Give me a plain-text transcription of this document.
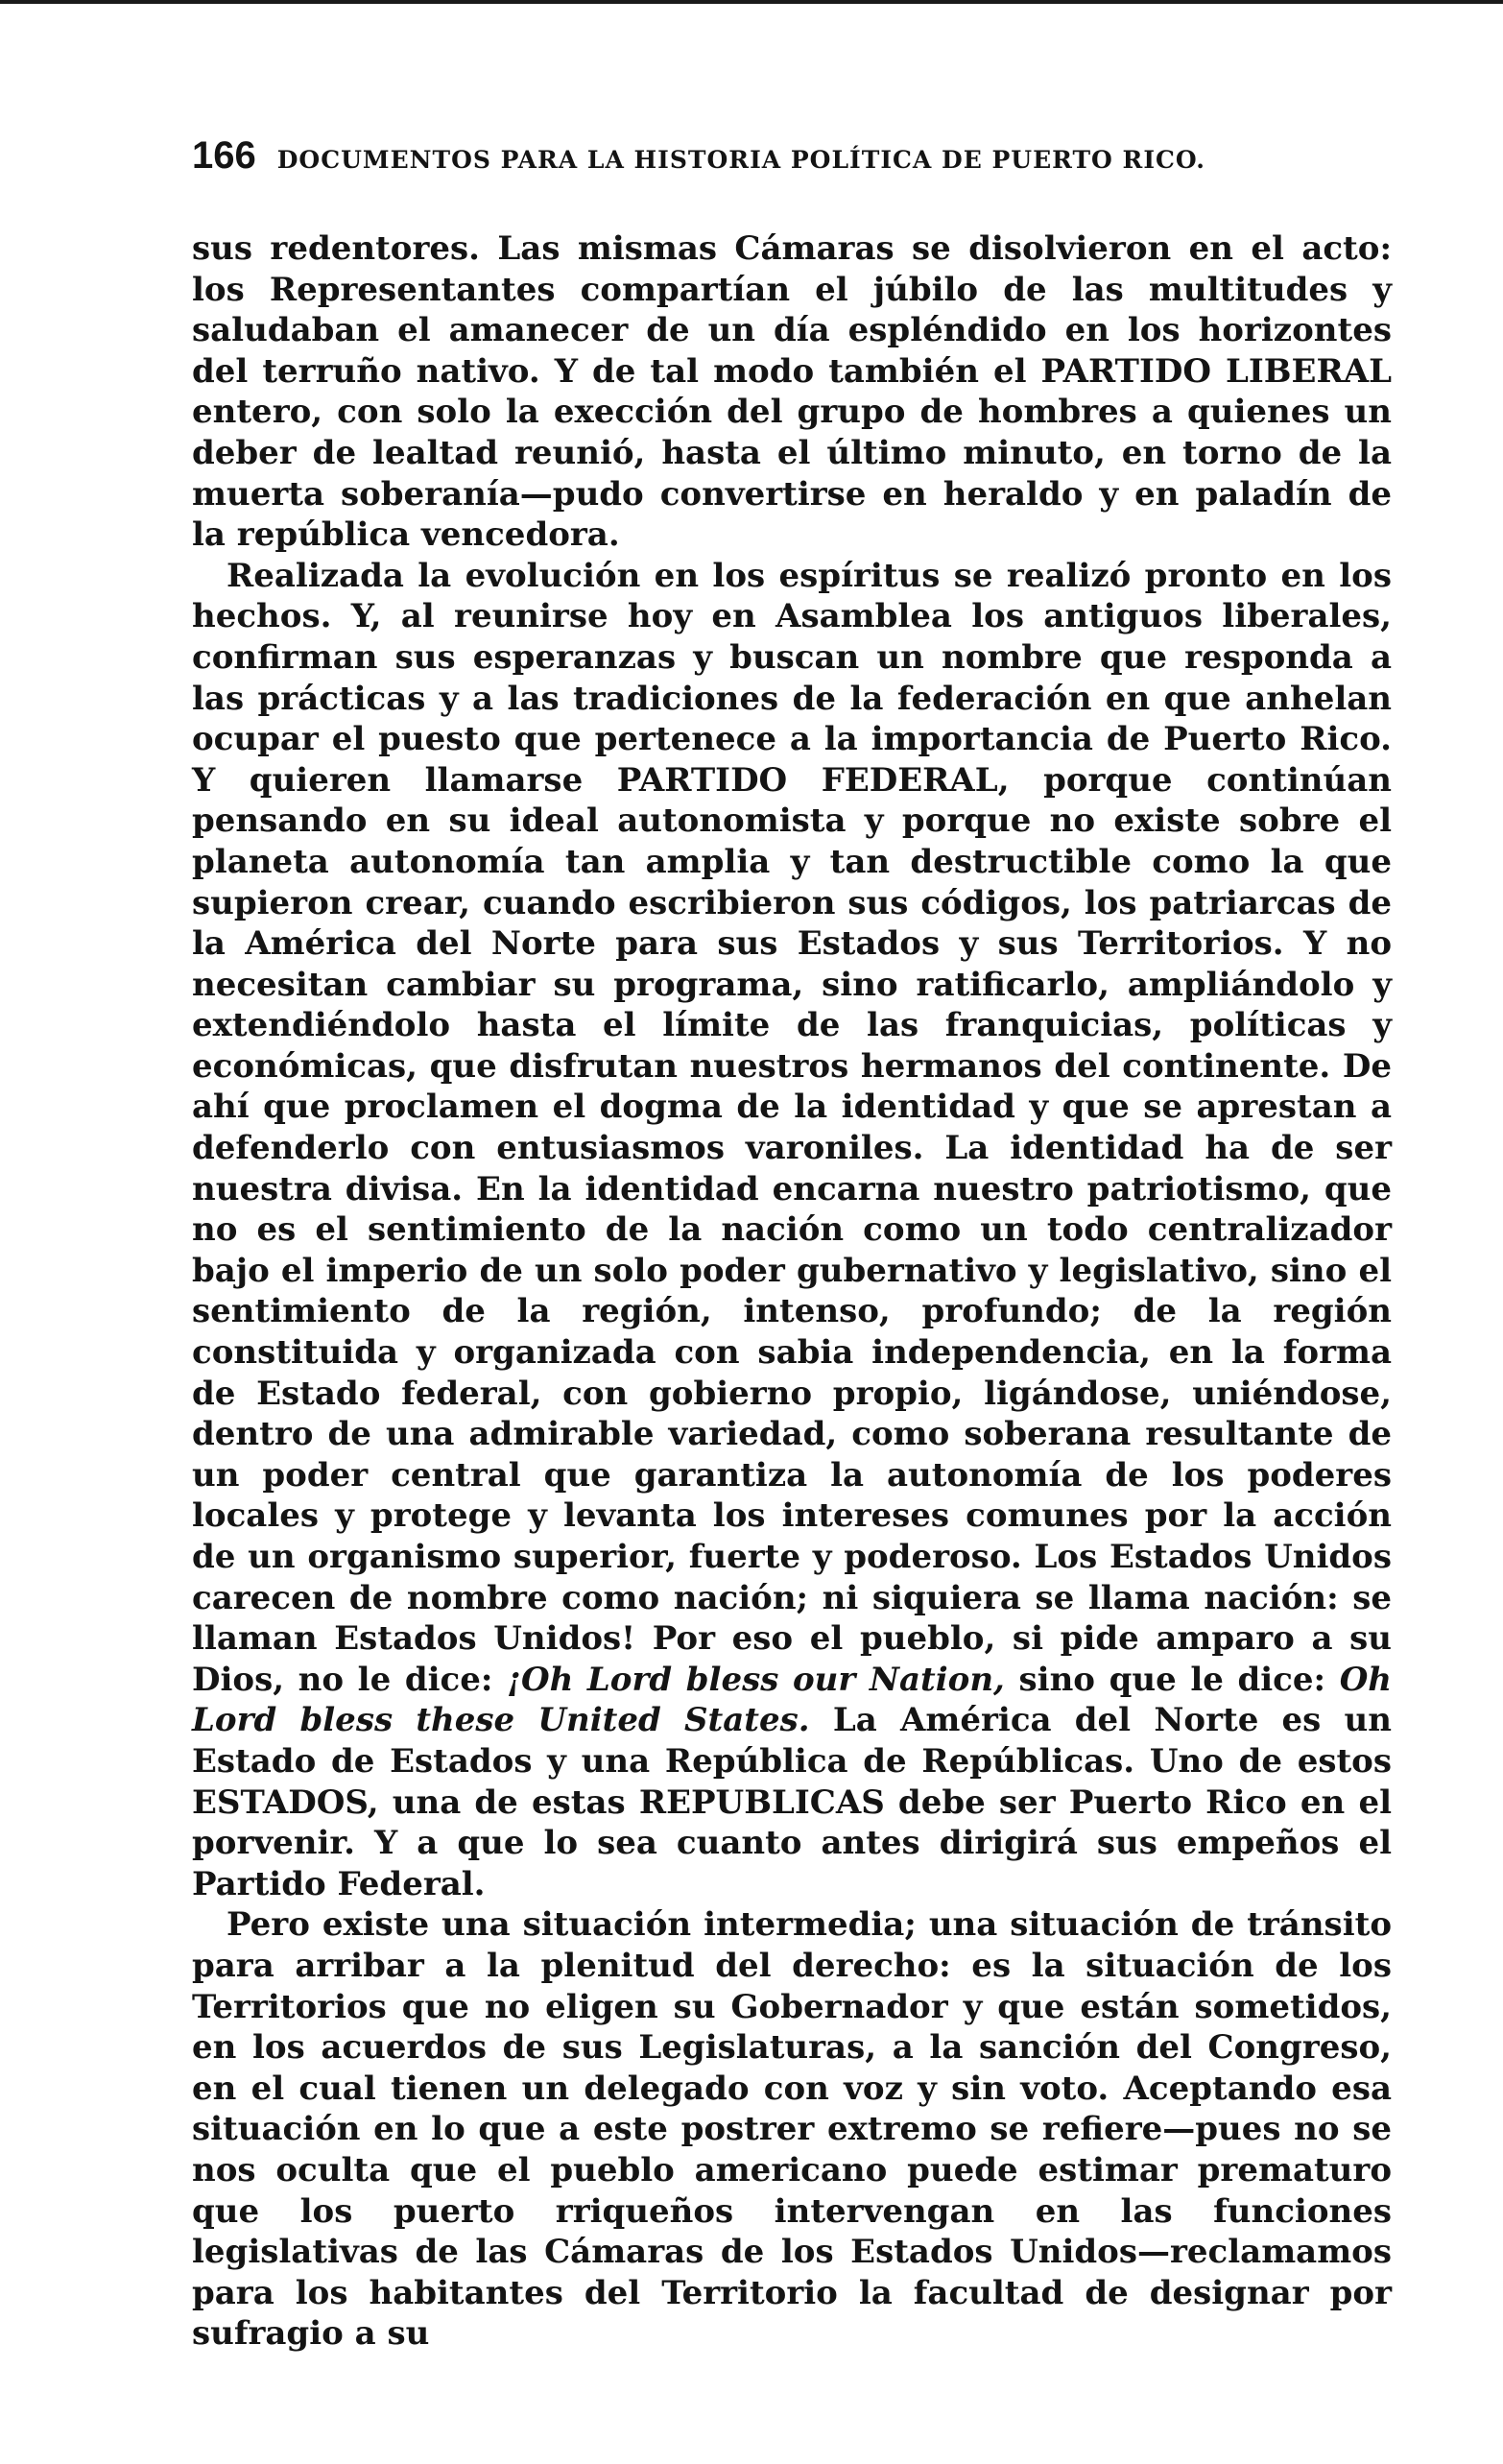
166 DOCUMENTOS PARA LA HISTORIA POLÍTICA DE PUERTO RICO.

sus redentores. Las mismas Cámaras se disolvieron en el acto: los Representantes compartían el júbilo de las multitudes y saludaban el amanecer de un día espléndido en los horizontes del terruño nativo. Y de tal modo también el PARTIDO LIBERAL entero, con solo la exección del grupo de hombres a quienes un deber de lealtad reunió, hasta el último minuto, en torno de la muerta soberanía—pudo convertirse en heraldo y en paladín de la república vencedora.

Realizada la evolución en los espíritus se realizó pronto en los hechos. Y, al reunirse hoy en Asamblea los antiguos liberales, confirman sus esperanzas y buscan un nombre que responda a las prácticas y a las tradiciones de la federación en que anhelan ocupar el puesto que pertenece a la importancia de Puerto Rico. Y quieren llamarse PARTIDO FEDERAL, porque continúan pensando en su ideal autonomista y porque no existe sobre el planeta autonomía tan amplia y tan destructible como la que supieron crear, cuando escribieron sus códigos, los patriarcas de la América del Norte para sus Estados y sus Territorios. Y no necesitan cambiar su programa, sino ratificarlo, ampliándolo y extendiéndolo hasta el límite de las franquicias, políticas y económicas, que disfrutan nuestros hermanos del continente. De ahí que proclamen el dogma de la identidad y que se aprestan a defenderlo con entusiasmos varoniles. La identidad ha de ser nuestra divisa. En la identidad encarna nuestro patriotismo, que no es el sentimiento de la nación como un todo centralizador bajo el imperio de un solo poder gubernativo y legislativo, sino el sentimiento de la región, intenso, profundo; de la región constituida y organizada con sabia independencia, en la forma de Estado federal, con gobierno propio, ligándose, uniéndose, dentro de una admirable variedad, como soberana resultante de un poder central que garantiza la autonomía de los poderes locales y protege y levanta los intereses comunes por la acción de un organismo superior, fuerte y poderoso. Los Estados Unidos carecen de nombre como nación; ni siquiera se llama nación: se llaman Estados Unidos! Por eso el pueblo, si pide amparo a su Dios, no le dice: ¡Oh Lord bless our Nation, sino que le dice: Oh Lord bless these United States. La América del Norte es un Estado de Estados y una República de Repúblicas. Uno de estos ESTADOS, una de estas REPUBLICAS debe ser Puerto Rico en el porvenir. Y a que lo sea cuanto antes dirigirá sus empeños el Partido Federal.

Pero existe una situación intermedia; una situación de tránsito para arribar a la plenitud del derecho: es la situación de los Territorios que no eligen su Gobernador y que están sometidos, en los acuerdos de sus Legislaturas, a la sanción del Congreso, en el cual tienen un delegado con voz y sin voto. Aceptando esa situación en lo que a este postrer extremo se refiere—pues no se nos oculta que el pueblo americano puede estimar prematuro que los puerto rriqueños intervengan en las funciones legislativas de las Cámaras de los Estados Unidos—reclamamos para los habitantes del Territorio la facultad de designar por sufragio a su
